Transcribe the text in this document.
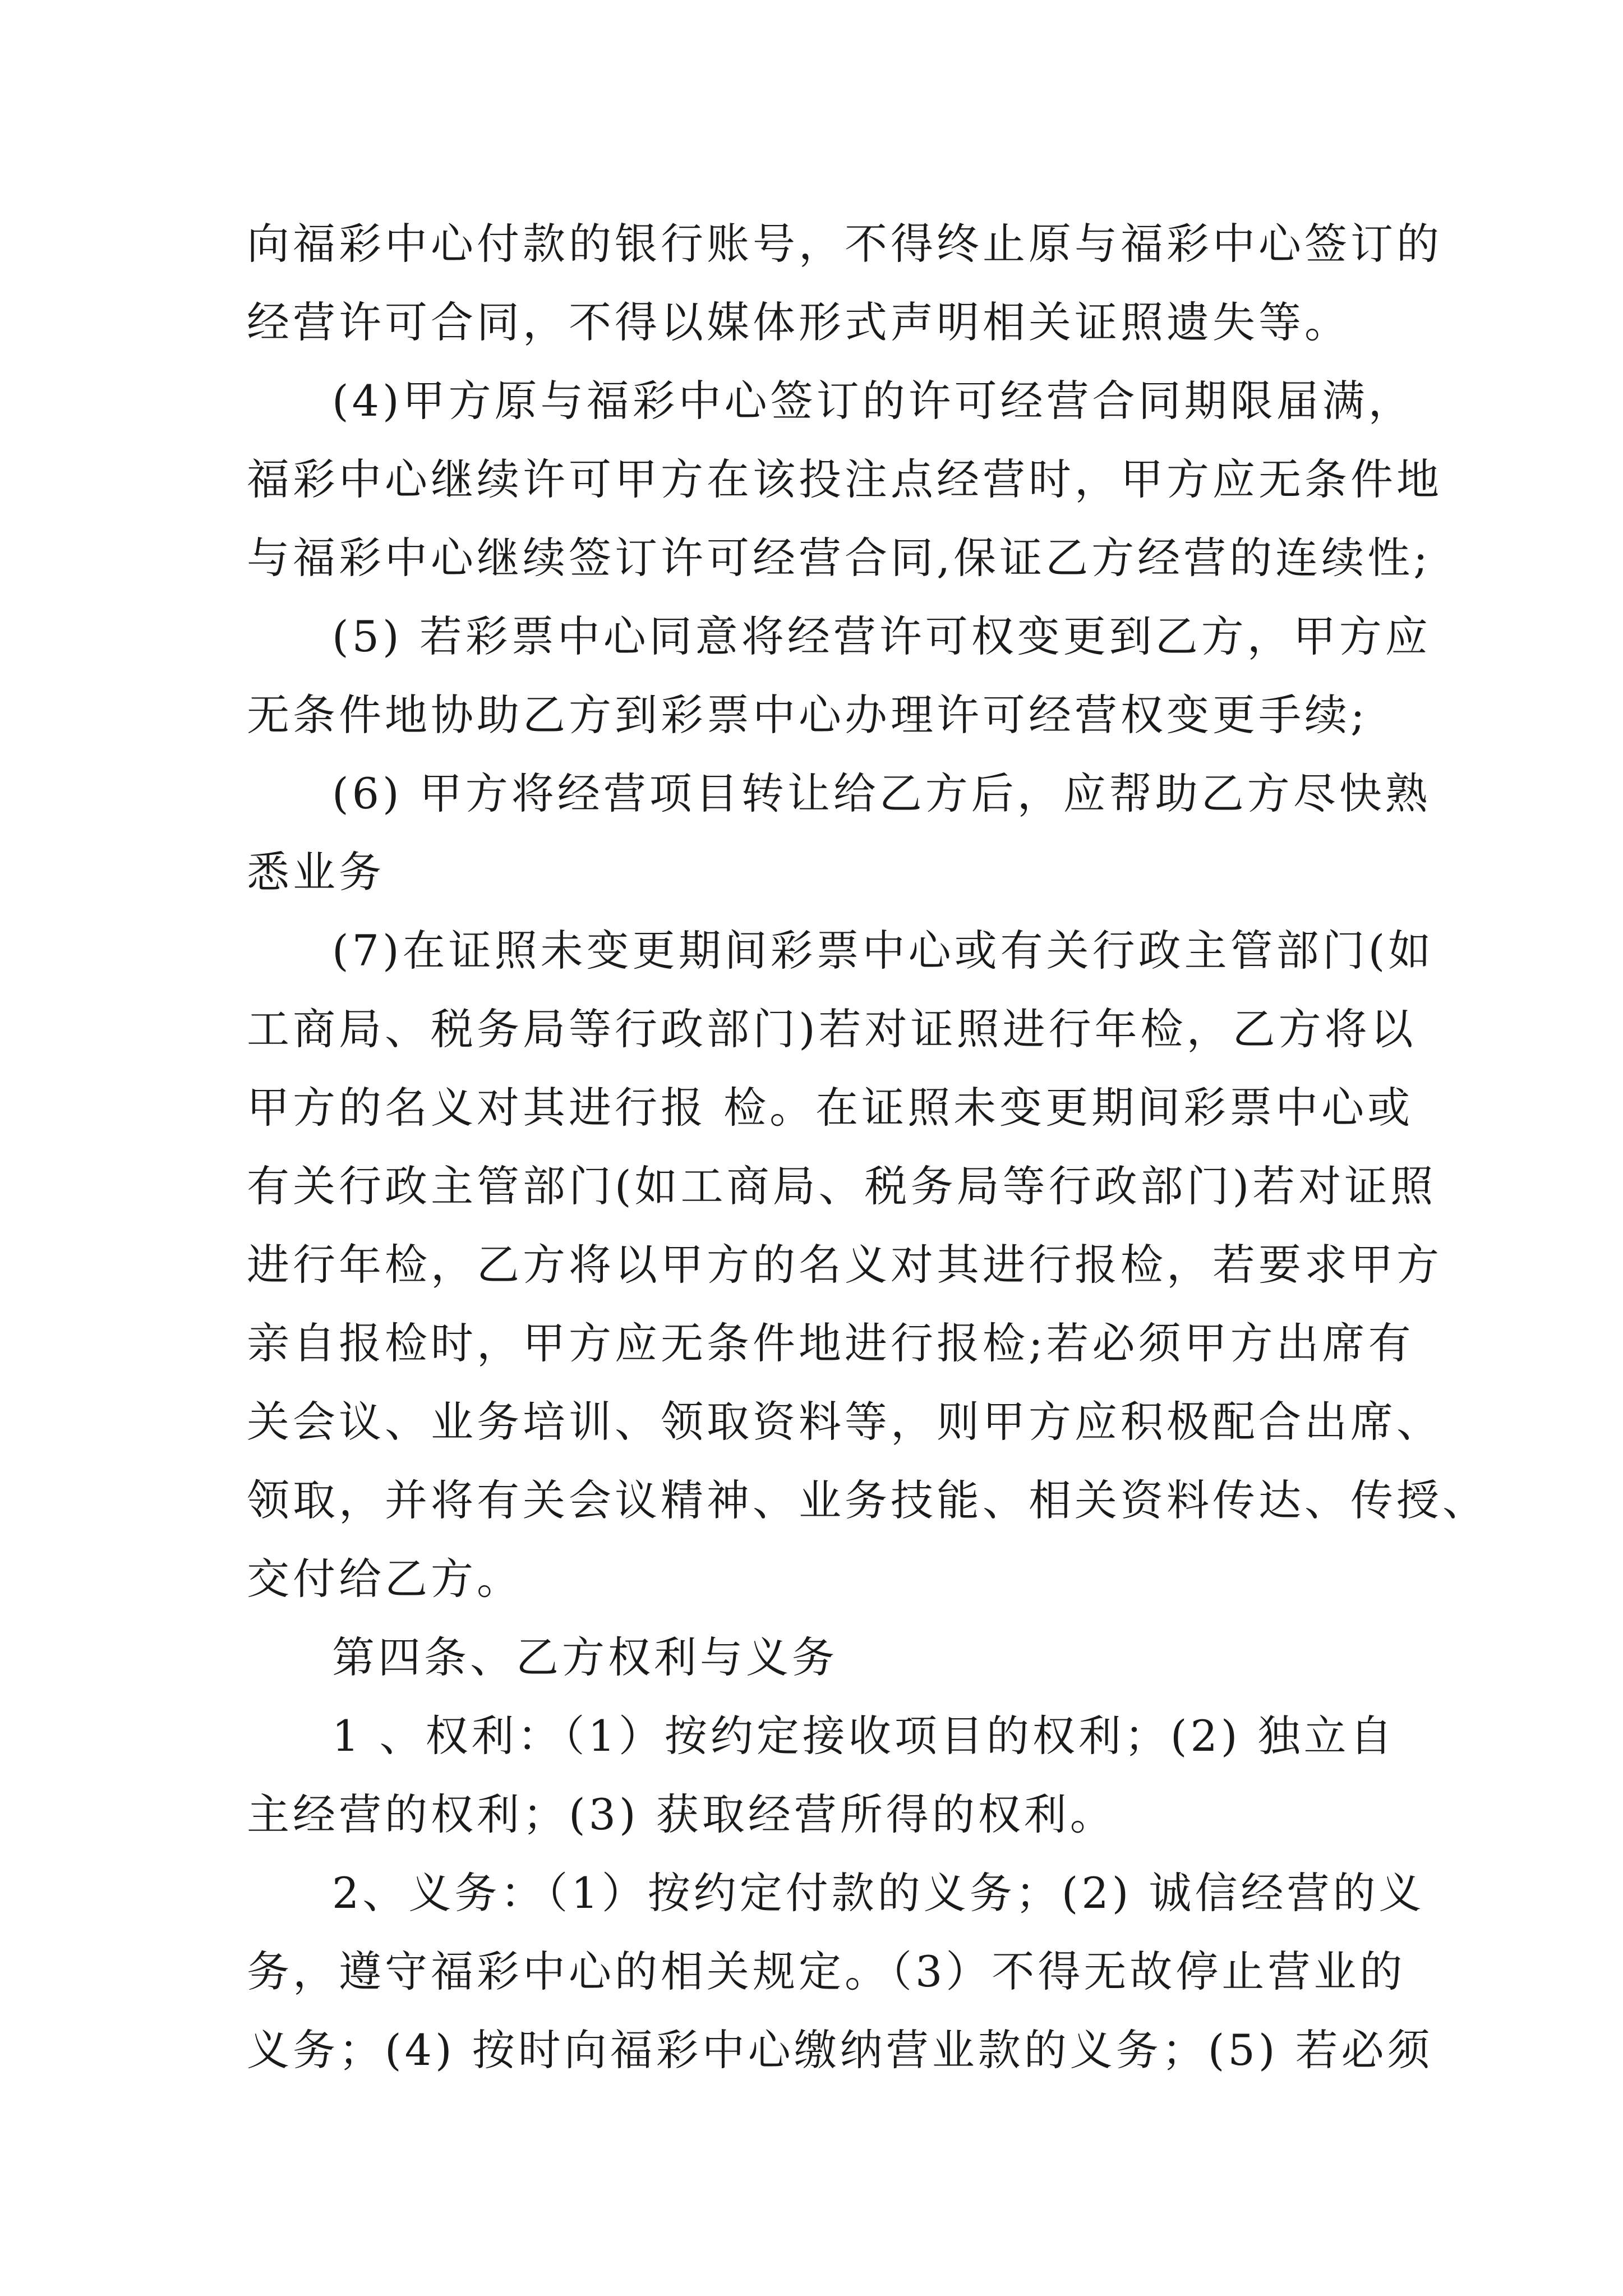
向福彩中心付款的银行账号，不得终止原与福彩中心签订的
经营许可合同，不得以媒体形式声明相关证照遗失等。
(4)甲方原与福彩中心签订的许可经营合同期限届满，
福彩中心继续许可甲方在该投注点经营时，甲方应无条件地
与福彩中心继续签订许可经营合同,保证乙方经营的连续性;
(5) 若彩票中心同意将经营许可权变更到乙方，甲方应
无条件地协助乙方到彩票中心办理许可经营权变更手续;
(6) 甲方将经营项目转让给乙方后，应帮助乙方尽快熟
悉业务
(7)在证照未变更期间彩票中心或有关行政主管部门(如
工商局、税务局等行政部门)若对证照进行年检，乙方将以
甲方的名义对其进行报 检。在证照未变更期间彩票中心或
有关行政主管部门(如工商局、税务局等行政部门)若对证照
进行年检，乙方将以甲方的名义对其进行报检，若要求甲方
亲自报检时，甲方应无条件地进行报检;若必须甲方出席有
关会议、业务培训、领取资料等，则甲方应积极配合出席、
领取，并将有关会议精神、业务技能、相关资料传达、传授、
交付给乙方。
第四条、乙方权利与义务
1 、权利：（1）按约定接收项目的权利；(2) 独立自
主经营的权利；(3) 获取经营所得的权利。
2、义务：（1）按约定付款的义务；(2) 诚信经营的义
务，遵守福彩中心的相关规定。（3）不得无故停止营业的
义务；(4) 按时向福彩中心缴纳营业款的义务；(5) 若必须
